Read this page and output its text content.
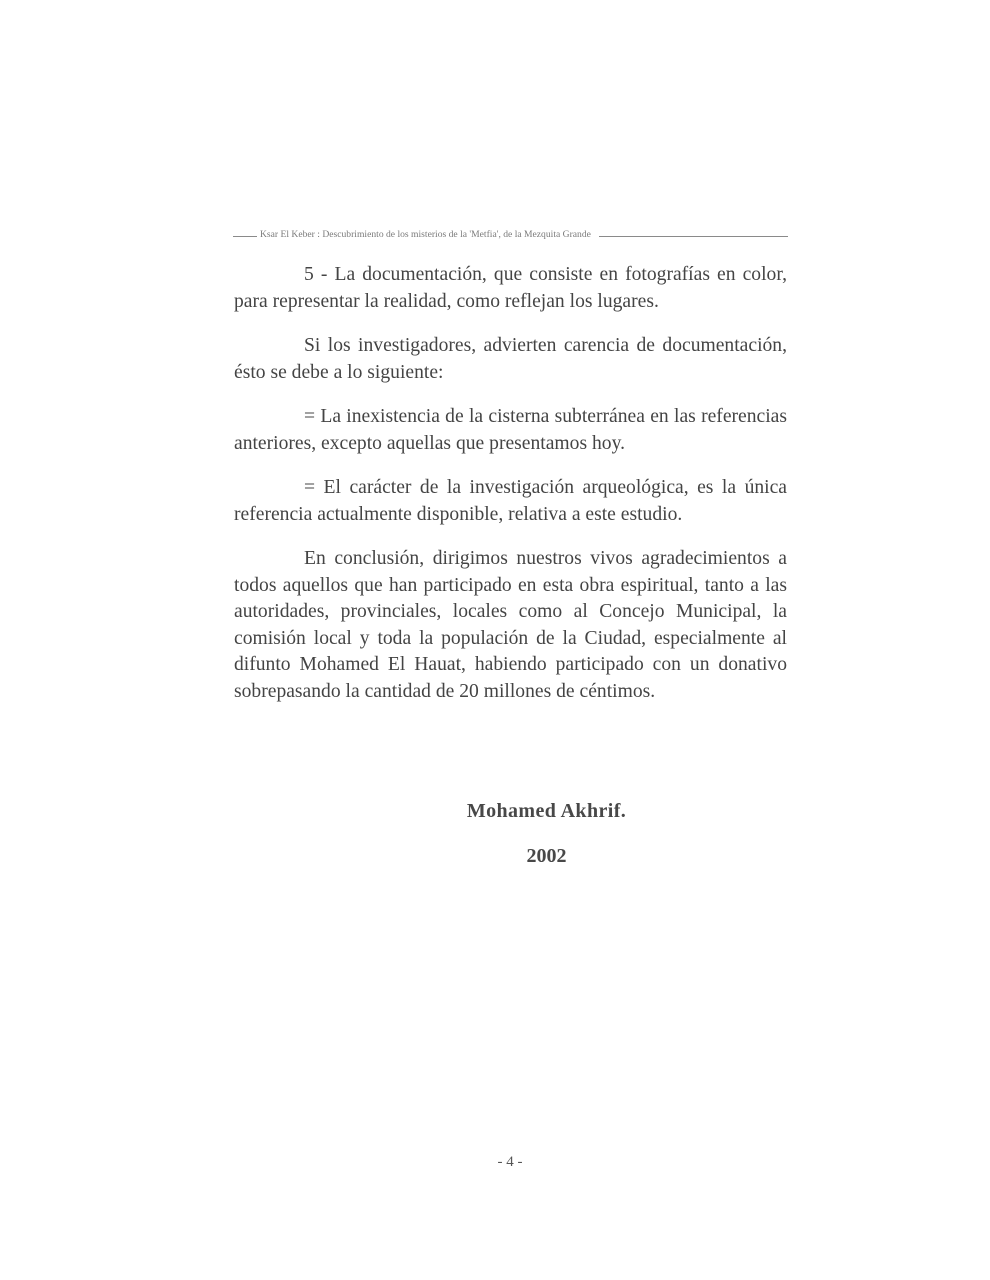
Ksar El Keber : Descubrimiento de los misterios de la 'Metfia', de la Mezquita Grande

5 - La documentación, que consiste en fotografías en color, para representar la realidad, como reflejan los lugares.

Si los investigadores, advierten carencia de documentación, ésto se debe a lo siguiente:

= La inexistencia de la cisterna subterránea en las referencias anteriores, excepto aquellas que presentamos hoy.

= El carácter de la investigación arqueológica, es la única referencia actualmente disponible, relativa a este estudio.

En conclusión, dirigimos nuestros vivos agradecimientos a todos aquellos que han participado en esta obra espiritual, tanto a las autoridades, provinciales, locales como al Concejo Municipal, la comisión local y toda la populación de la Ciudad, especialmente al difunto Mohamed El Hauat, habiendo participado con un donativo sobrepasando la cantidad de 20 millones de céntimos.

Mohamed Akhrif.
2002
- 4 -
